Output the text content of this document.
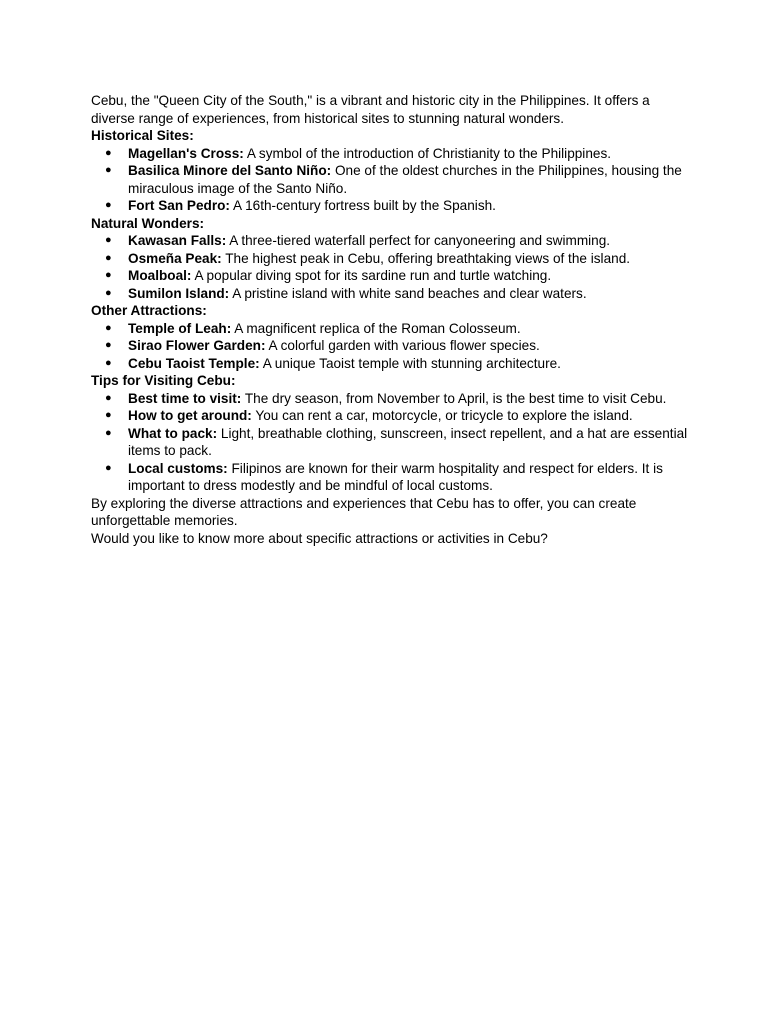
Cebu, the "Queen City of the South," is a vibrant and historic city in the Philippines. It offers a diverse range of experiences, from historical sites to stunning natural wonders.

Historical Sites:

● Magellan's Cross: A symbol of the introduction of Christianity to the Philippines.
● Basilica Minore del Santo Niño: One of the oldest churches in the Philippines, housing the miraculous image of the Santo Niño.
● Fort San Pedro: A 16th-century fortress built by the Spanish.

Natural Wonders:

● Kawasan Falls: A three-tiered waterfall perfect for canyoneering and swimming.
● Osmeña Peak: The highest peak in Cebu, offering breathtaking views of the island.
● Moalboal: A popular diving spot for its sardine run and turtle watching.
● Sumilon Island: A pristine island with white sand beaches and clear waters.

Other Attractions:

● Temple of Leah: A magnificent replica of the Roman Colosseum.
● Sirao Flower Garden: A colorful garden with various flower species.
● Cebu Taoist Temple: A unique Taoist temple with stunning architecture.

Tips for Visiting Cebu:

● Best time to visit: The dry season, from November to April, is the best time to visit Cebu.
● How to get around: You can rent a car, motorcycle, or tricycle to explore the island.
● What to pack: Light, breathable clothing, sunscreen, insect repellent, and a hat are essential items to pack.
● Local customs: Filipinos are known for their warm hospitality and respect for elders. It is important to dress modestly and be mindful of local customs.

By exploring the diverse attractions and experiences that Cebu has to offer, you can create unforgettable memories.

Would you like to know more about specific attractions or activities in Cebu?
